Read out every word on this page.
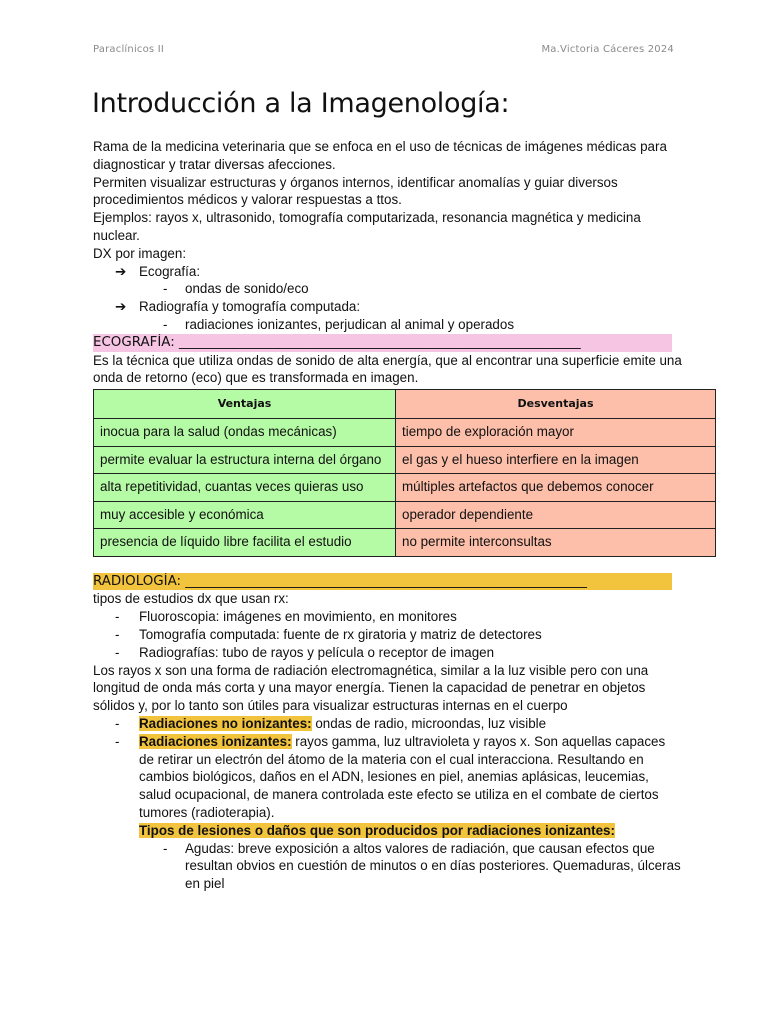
Paraclínicos II	Ma.Victoria Cáceres 2024
Introducción a la Imagenología:

Rama de la medicina veterinaria que se enfoca en el uso de técnicas de imágenes médicas para diagnosticar y tratar diversas afecciones.

Permiten visualizar estructuras y órganos internos, identificar anomalías y guiar diversos procedimientos médicos y valorar respuestas a ttos.

Ejemplos: rayos x, ultrasonido, tomografía computarizada, resonancia magnética y medicina nuclear.

DX por imagen:

➔ Ecografía:
- ondas de sonido/eco
➔ Radiografía y tomografía computada:
- radiaciones ionizantes, perjudican al animal y operados

ECOGRAFÍA: ____________________________________________________________

Es la técnica que utiliza ondas de sonido de alta energía, que al encontrar una superficie emite una onda de retorno (eco) que es transformada en imagen.

Ventajas	Desventajas
inocua para la salud (ondas mecánicas)	tiempo de exploración mayor
permite evaluar la estructura interna del órgano	el gas y el hueso interfiere en la imagen
alta repetitividad, cuantas veces quieras uso	múltiples artefactos que debemos conocer
muy accesible y económica	operador dependiente
presencia de líquido libre facilita el estudio	no permite interconsultas

RADIOLOGÍA: ____________________________________________________________

tipos de estudios dx que usan rx:

- Fluoroscopia: imágenes en movimiento, en monitores
- Tomografía computada: fuente de rx giratoria y matriz de detectores
- Radiografías: tubo de rayos y película o receptor de imagen

Los rayos x son una forma de radiación electromagnética, similar a la luz visible pero con una longitud de onda más corta y una mayor energía. Tienen la capacidad de penetrar en objetos sólidos y, por lo tanto son útiles para visualizar estructuras internas en el cuerpo

- Radiaciones no ionizantes: ondas de radio, microondas, luz visible
- Radiaciones ionizantes: rayos gamma, luz ultravioleta y rayos x. Son aquellas capaces de retirar un electrón del átomo de la materia con el cual interacciona. Resultando en cambios biológicos, daños en el ADN, lesiones en piel, anemias aplásicas, leucemias, salud ocupacional, de manera controlada este efecto se utiliza en el combate de ciertos tumores (radioterapia).
Tipos de lesiones o daños que son producidos por radiaciones ionizantes:
- Agudas: breve exposición a altos valores de radiación, que causan efectos que resultan obvios en cuestión de minutos o en días posteriores. Quemaduras, úlceras en piel
